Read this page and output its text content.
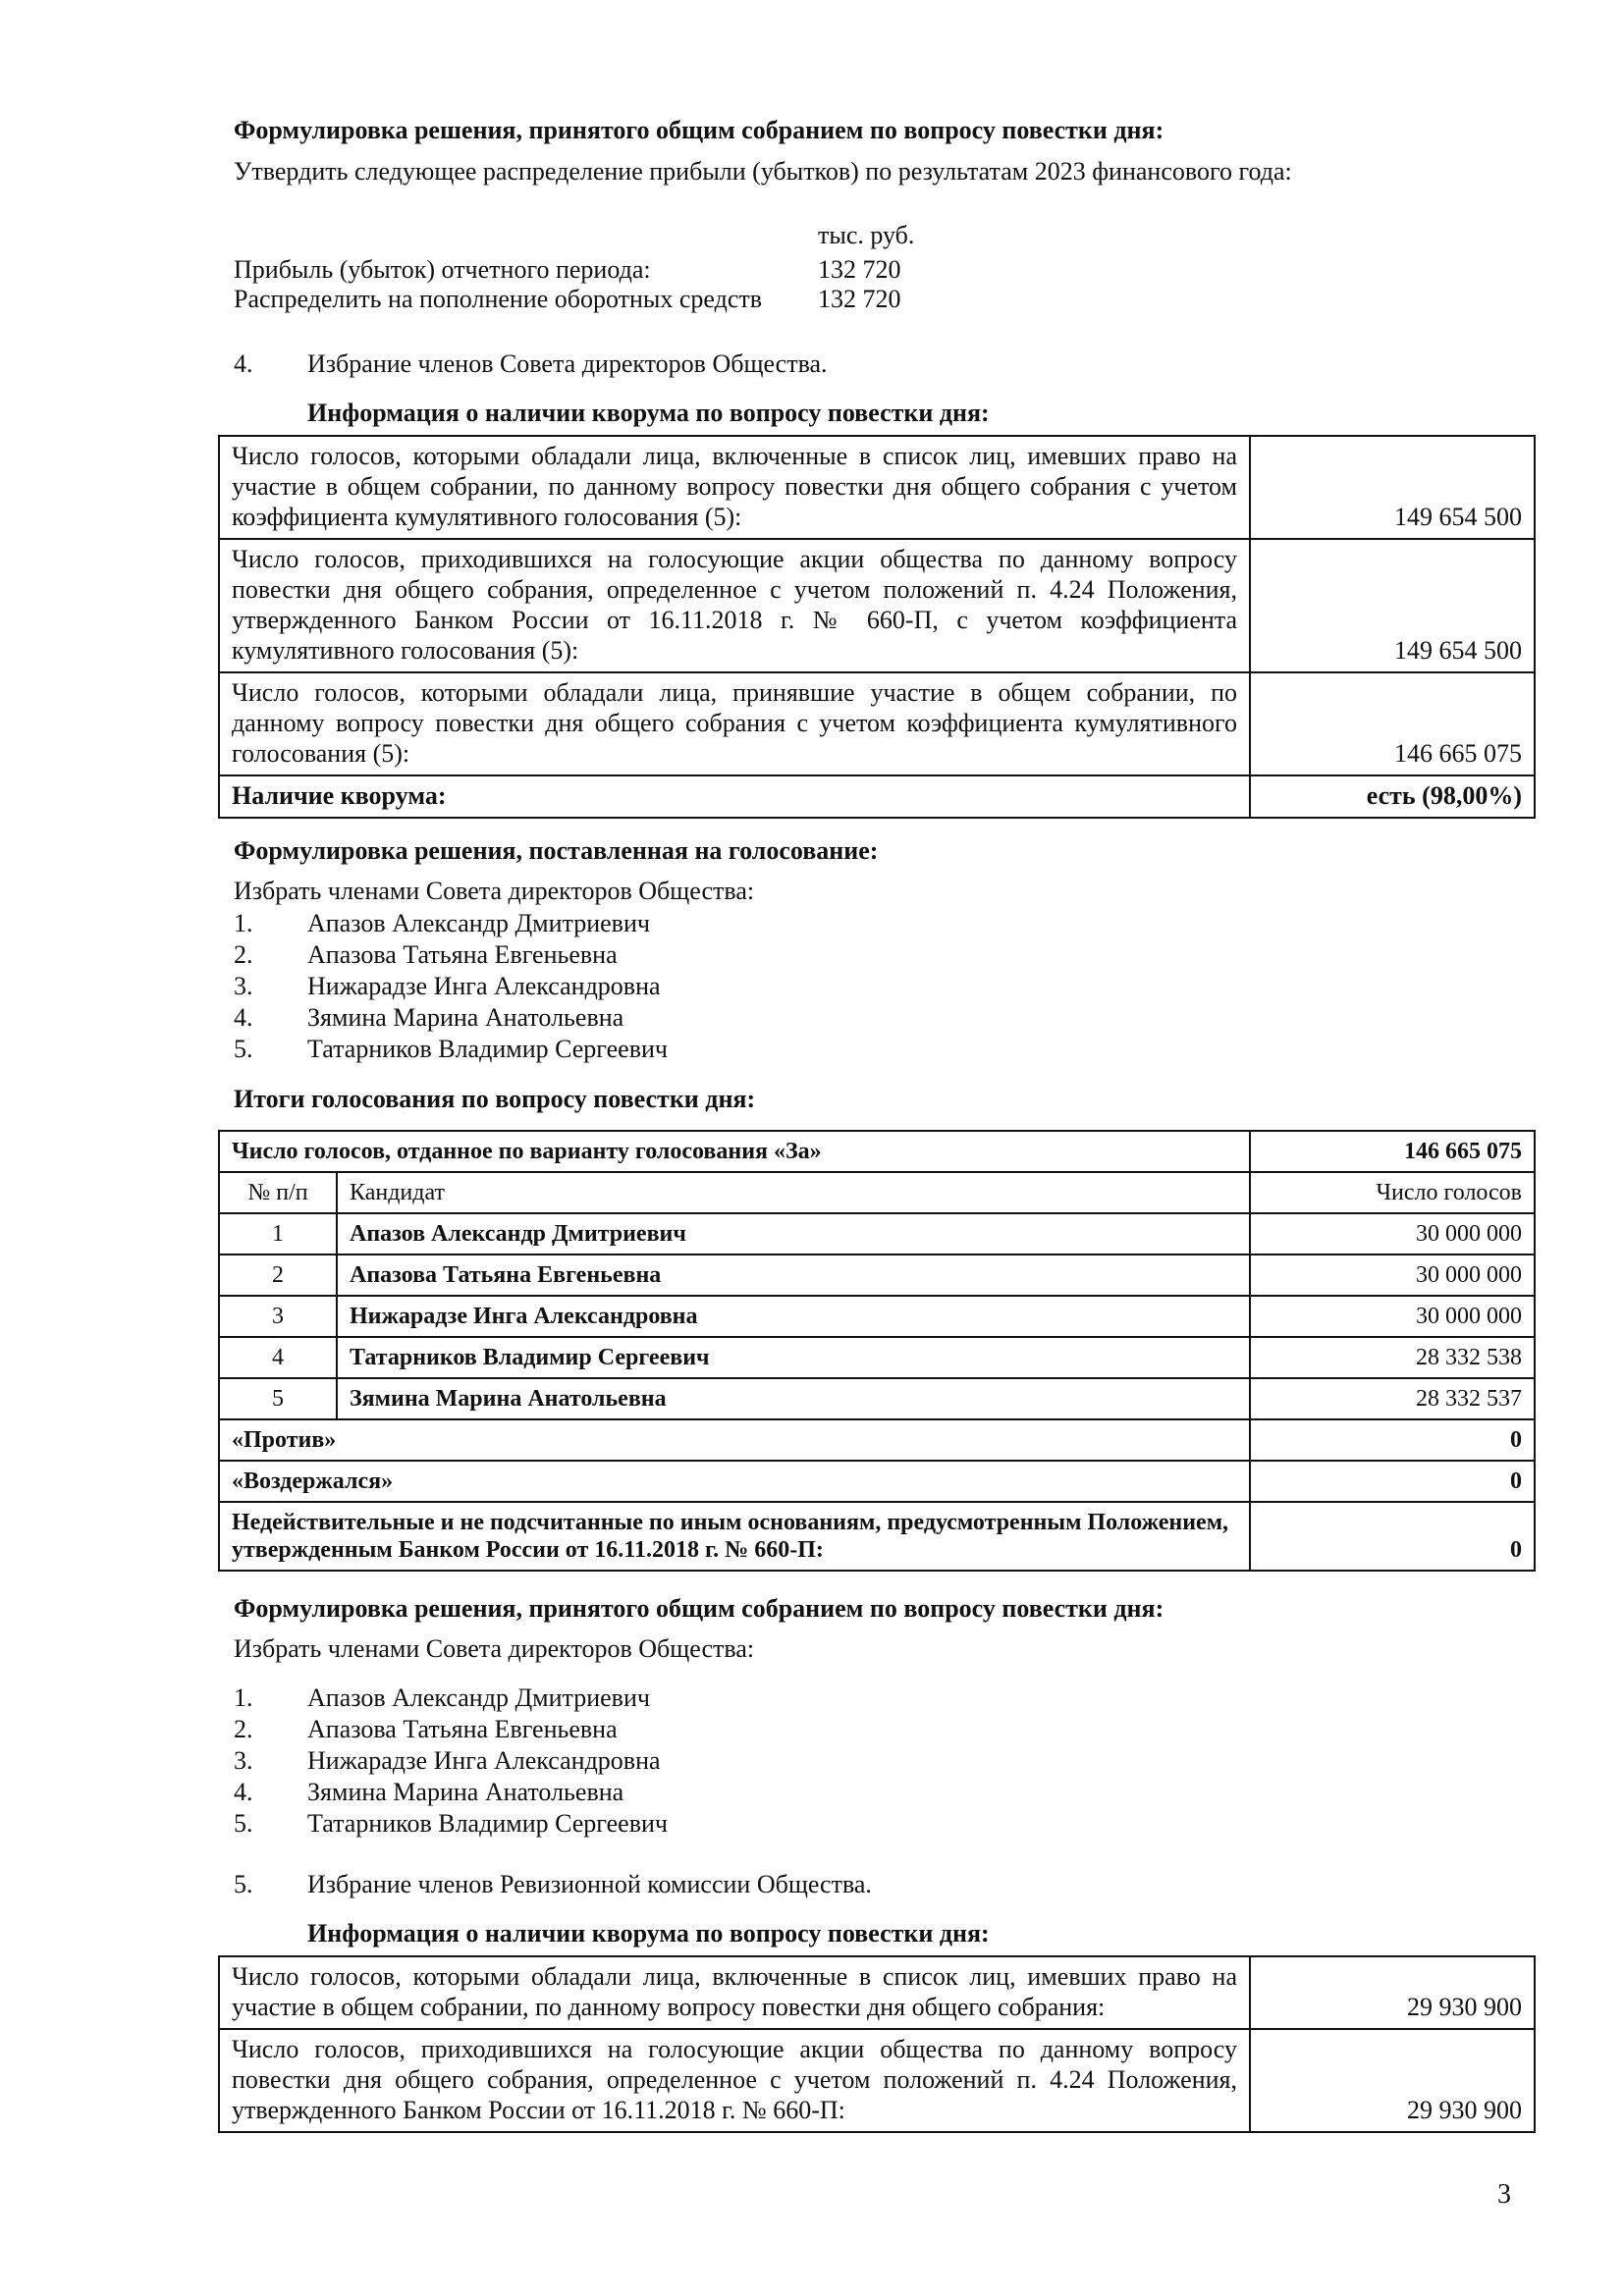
Формулировка решения, принятого общим собранием по вопросу повестки дня:
Утвердить следующее распределение прибыли (убытков) по результатам 2023 финансового года:
тыс. руб.
Прибыль (убыток) отчетного периода:	132 720
Распределить на пополнение оборотных средств 132 720
4. Избрание членов Совета директоров Общества.
Информация о наличии кворума по вопросу повестки дня:
Число голосов, которыми обладали лица, включенные в список лиц, имевших право на участие в общем собрании, по данному вопросу повестки дня общего собрания с учетом коэффициента кумулятивного голосования (5):	149 654 500
Число голосов, приходившихся на голосующие акции общества по данному вопросу повестки дня общего собрания, определенное с учетом положений п. 4.24 Положения, утвержденного Банком России от 16.11.2018 г. № 660-П, с учетом коэффициента кумулятивного голосования (5):	149 654 500
Число голосов, которыми обладали лица, принявшие участие в общем собрании, по данному вопросу повестки дня общего собрания с учетом коэффициента кумулятивного голосования (5):	146 665 075
Наличие кворума:	есть (98,00%)
Формулировка решения, поставленная на голосование:
Избрать членами Совета директоров Общества:
1. Апазов Александр Дмитриевич
2. Апазова Татьяна Евгеньевна
3. Нижарадзе Инга Александровна
4. Зямина Марина Анатольевна
5. Татарников Владимир Сергеевич
Итоги голосования по вопросу повестки дня:
Число голосов, отданное по варианту голосования «За»		146 665 075
№ п/п	Кандидат	Число голосов
1	Апазов Александр Дмитриевич	30 000 000
2	Апазова Татьяна Евгеньевна	30 000 000
3	Нижарадзе Инга Александровна	30 000 000
4	Татарников Владимир Сергеевич	28 332 538
5	Зямина Марина Анатольевна	28 332 537
«Против»		0
«Воздержался»		0
Недействительные и не подсчитанные по иным основаниям, предусмотренным Положением, утвержденным Банком России от 16.11.2018 г. № 660-П:		0
Формулировка решения, принятого общим собранием по вопросу повестки дня:
Избрать членами Совета директоров Общества:
1. Апазов Александр Дмитриевич
2. Апазова Татьяна Евгеньевна
3. Нижарадзе Инга Александровна
4. Зямина Марина Анатольевна
5. Татарников Владимир Сергеевич
5. Избрание членов Ревизионной комиссии Общества.
Информация о наличии кворума по вопросу повестки дня:
Число голосов, которыми обладали лица, включенные в список лиц, имевших право на участие в общем собрании, по данному вопросу повестки дня общего собрания:	29 930 900
Число голосов, приходившихся на голосующие акции общества по данному вопросу повестки дня общего собрания, определенное с учетом положений п. 4.24 Положения, утвержденного Банком России от 16.11.2018 г. № 660-П:	29 930 900
3
